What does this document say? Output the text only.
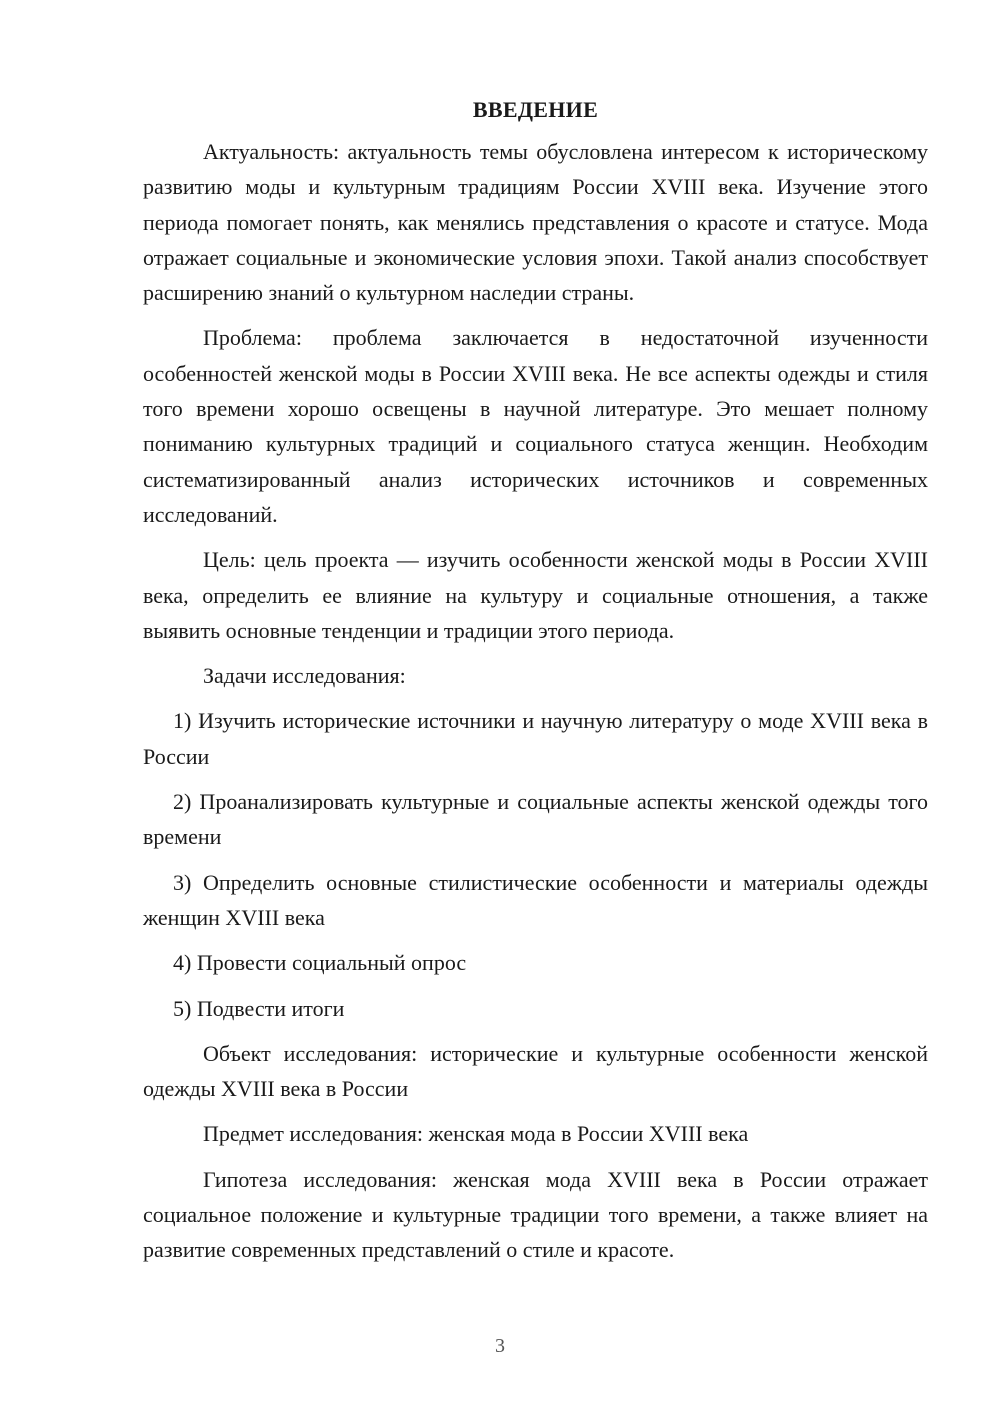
ВВЕДЕНИЕ

Актуальность: актуальность темы обусловлена интересом к историческому развитию моды и культурным традициям России XVIII века. Изучение этого периода помогает понять, как менялись представления о красоте и статусе. Мода отражает социальные и экономические условия эпохи. Такой анализ способствует расширению знаний о культурном наследии страны.

Проблема: проблема заключается в недостаточной изученности особенностей женской моды в России XVIII века. Не все аспекты одежды и стиля того времени хорошо освещены в научной литературе. Это мешает полному пониманию культурных традиций и социального статуса женщин. Необходим систематизированный анализ исторических источников и современных исследований.

Цель: цель проекта — изучить особенности женской моды в России XVIII века, определить ее влияние на культуру и социальные отношения, а также выявить основные тенденции и традиции этого периода.

Задачи исследования:

1) Изучить исторические источники и научную литературу о моде XVIII века в России

2) Проанализировать культурные и социальные аспекты женской одежды того времени

3) Определить основные стилистические особенности и материалы одежды женщин XVIII века

4) Провести социальный опрос

5) Подвести итоги

Объект исследования: исторические и культурные особенности женской одежды XVIII века в России

Предмет исследования: женская мода в России XVIII века

Гипотеза исследования: женская мода XVIII века в России отражает социальное положение и культурные традиции того времени, а также влияет на развитие современных представлений о стиле и красоте.

3
